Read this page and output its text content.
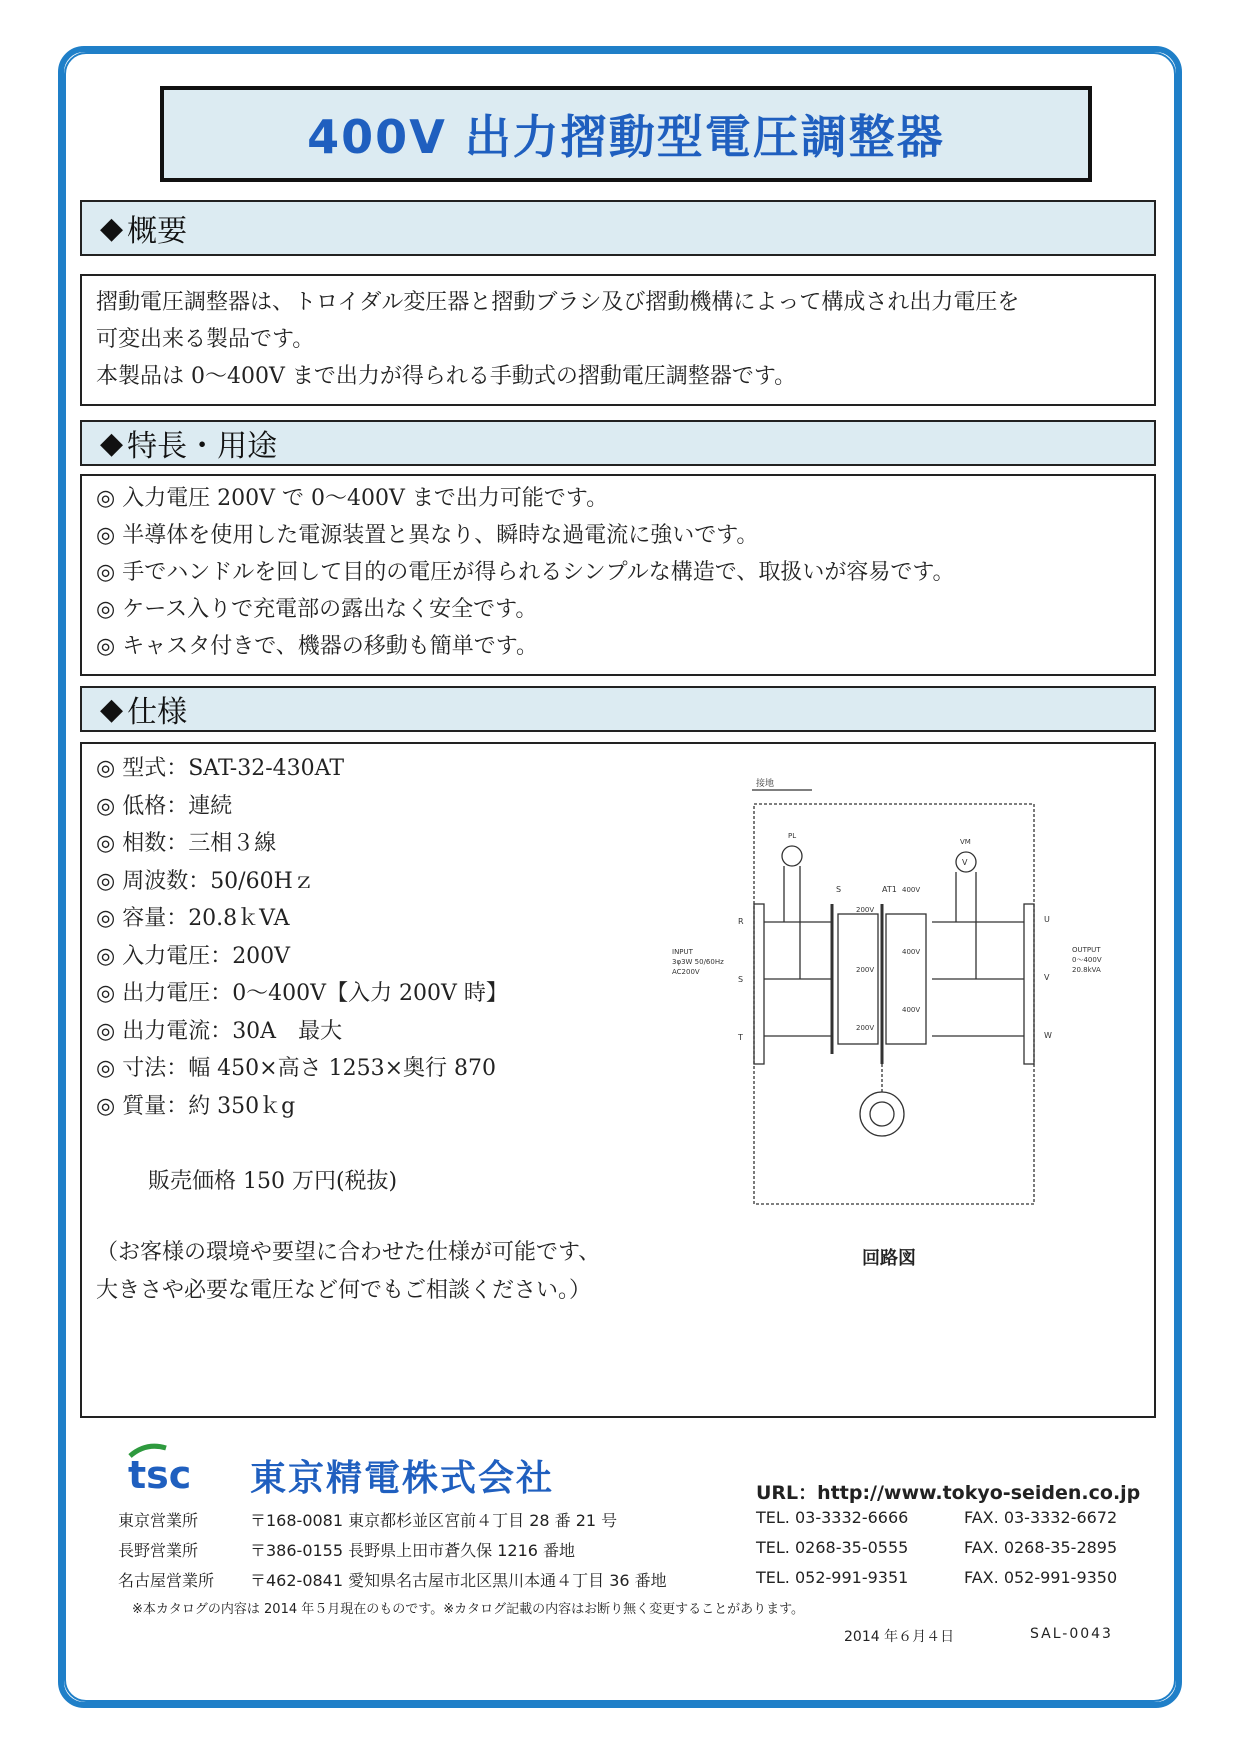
400V 出力摺動型電圧調整器
◆ 概要
摺動電圧調整器は、トロイダル変圧器と摺動ブラシ及び摺動機構によって構成され出力電圧を
可変出来る製品です。
本製品は 0〜400V まで出力が得られる手動式の摺動電圧調整器です。
◆ 特長・用途
◎ 入力電圧 200V で 0〜400V まで出力可能です。
◎ 半導体を使用した電源装置と異なり、瞬時な過電流に強いです。
◎ 手でハンドルを回して目的の電圧が得られるシンプルな構造で、取扱いが容易です。
◎ ケース入りで充電部の露出なく安全です。
◎ キャスタ付きで、機器の移動も簡単です。
◆ 仕様
◎ 型式：SAT-32-430AT
◎ 低格：連続
◎ 相数：三相３線
◎ 周波数：50/60Hｚ
◎ 容量：20.8ｋVA
◎ 入力電圧：200V
◎ 出力電圧：0〜400V【入力 200V 時】
◎ 出力電流：30A　最大
◎ 寸法：幅 450×高さ 1253×奥行 870
◎ 質量：約 350ｋg
販売価格 150 万円(税抜)
（お客様の環境や要望に合わせた仕様が可能です、
大きさや必要な電圧など何でもご相談ください。）
接地
R
S
T
U
V
W
S	AT1 400V
200V
400V
200V
400V
200V
PL
VM
V
INPUT
3φ3W 50/60Hz
AC200V
OUTPUT
0〜400V
20.8kVA
回路図
tsc 東京精電株式会社	URL：http://www.tokyo-seiden.co.jp
東京営業所	〒168-0081 東京都杉並区宮前４丁目 28 番 21 号	TEL. 03-3332-6666	FAX. 03-3332-6672
長野営業所	〒386-0155 長野県上田市蒼久保 1216 番地	TEL. 0268-35-0555	FAX. 0268-35-2895
名古屋営業所 〒462-0841 愛知県名古屋市北区黒川本通４丁目 36 番地	TEL. 052-991-9351	FAX. 052-991-9350
※本カタログの内容は 2014 年５月現在のものです。※カタログ記載の内容はお断り無く変更することがあります。
2014 年６月４日	SAL-0043
